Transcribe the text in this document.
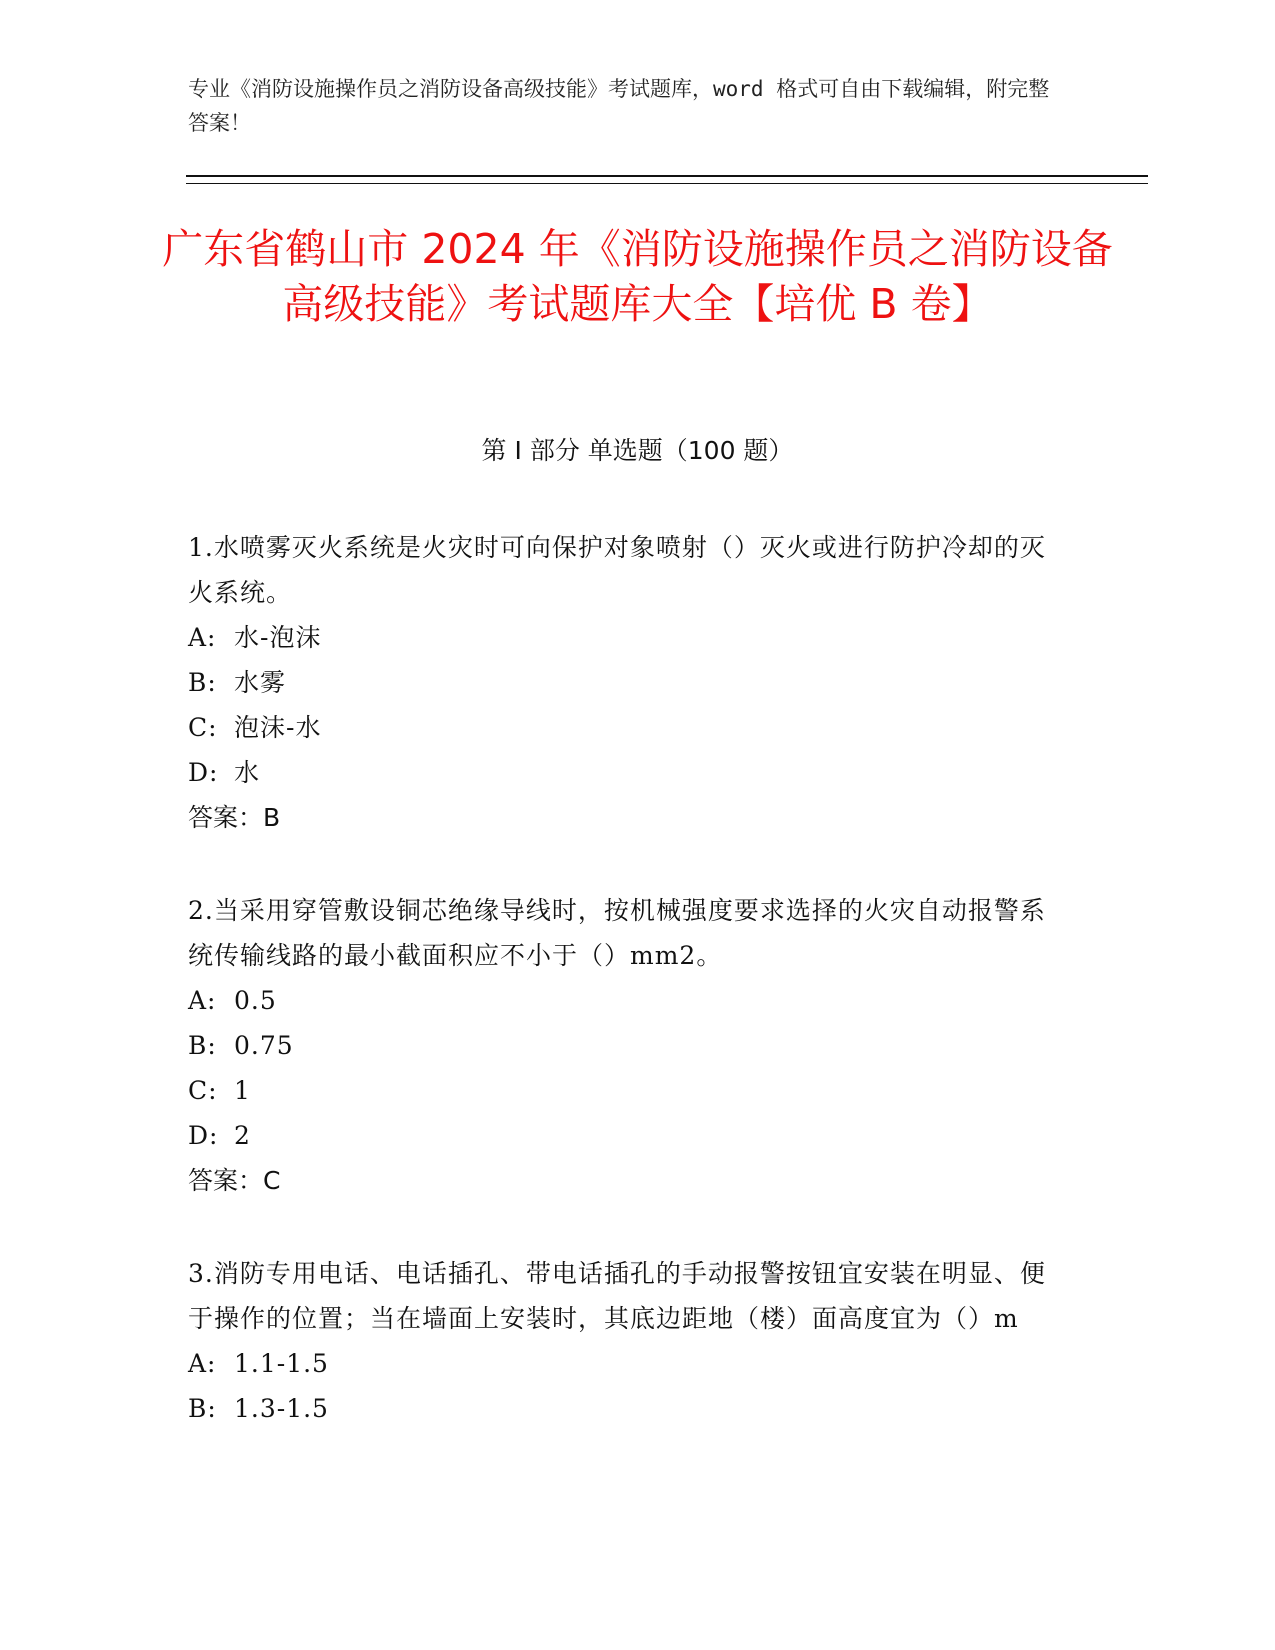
专业《消防设施操作员之消防设备高级技能》考试题库，word 格式可自由下载编辑，附完整答案！
广东省鹤山市 2024 年《消防设施操作员之消防设备高级技能》考试题库大全【培优 B 卷】
第 I 部分 单选题（100 题）
1.水喷雾灭火系统是火灾时可向保护对象喷射（）灭火或进行防护冷却的灭火系统。
A: 水-泡沫
B: 水雾
C: 泡沫-水
D: 水
答案：B
2.当采用穿管敷设铜芯绝缘导线时，按机械强度要求选择的火灾自动报警系统传输线路的最小截面积应不小于（）mm2。
A: 0.5
B: 0.75
C: 1
D: 2
答案：C
3.消防专用电话、电话插孔、带电话插孔的手动报警按钮宜安装在明显、便于操作的位置；当在墙面上安装时，其底边距地（楼）面高度宜为（）m
A: 1.1-1.5
B: 1.3-1.5
